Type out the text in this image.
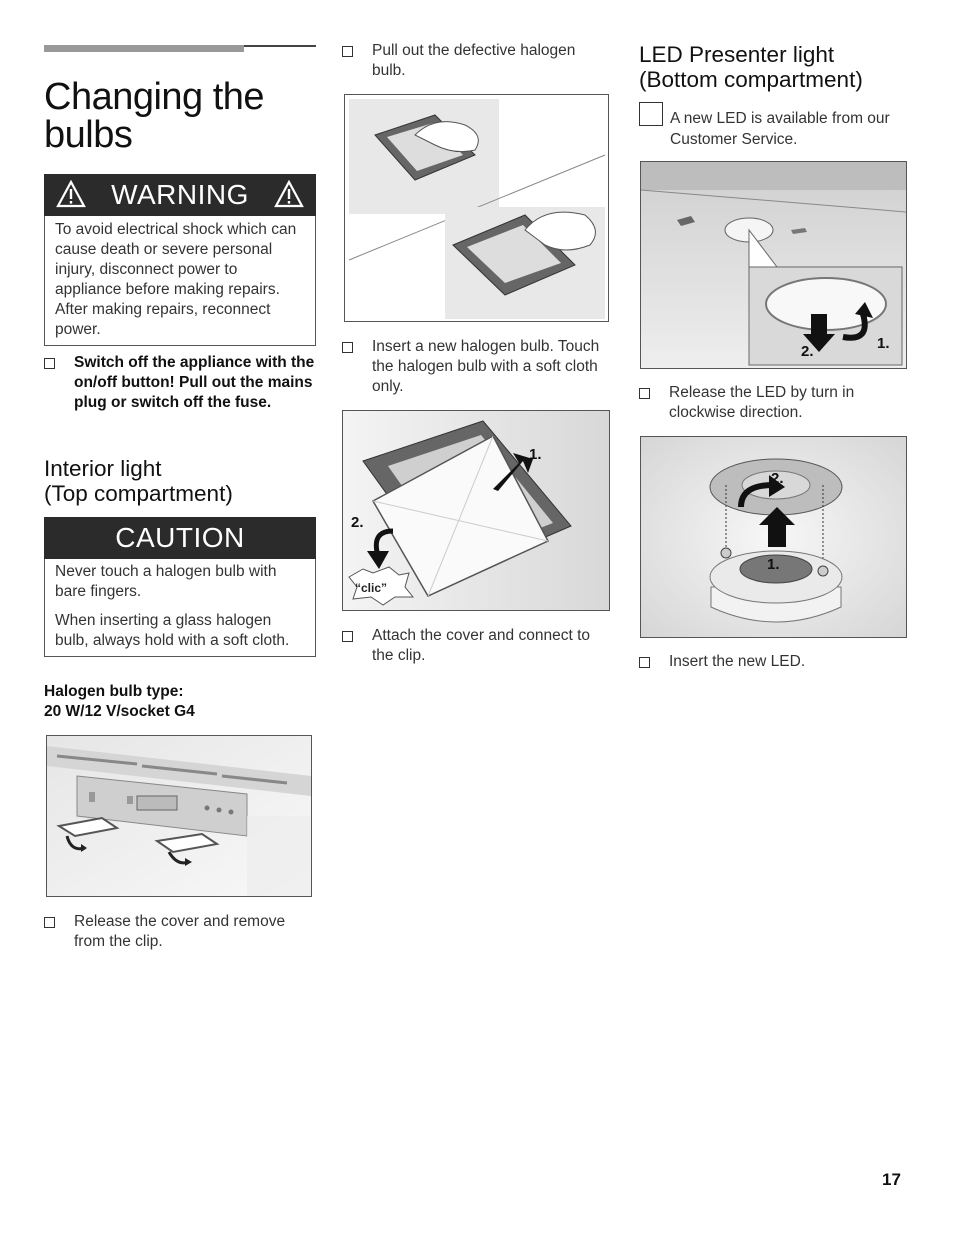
Changing the bulbs
WARNING

To avoid electrical shock which can cause death or severe personal injury, disconnect power to appliance before making repairs. After making repairs, reconnect power.

Switch off the appliance with the on/off button! Pull out the mains plug or switch off the fuse.
Interior light
(Top compartment)
CAUTION

Never touch a halogen bulb with bare fingers.

When inserting a glass halogen bulb, always hold with a soft cloth.

Halogen bulb type:
20 W/12 V/socket G4
Release the cover and remove from the clip.
Pull out the defective halogen bulb.
Insert a new halogen bulb. Touch the halogen bulb with a soft cloth only.
1.
2.
“clic”
Attach the cover and connect to the clip.
LED Presenter light
(Bottom compartment)
A new LED is available from our Customer Service.
1.
2.
Release the LED by turn in clockwise direction.
2.
1.
Insert the new LED.
17
